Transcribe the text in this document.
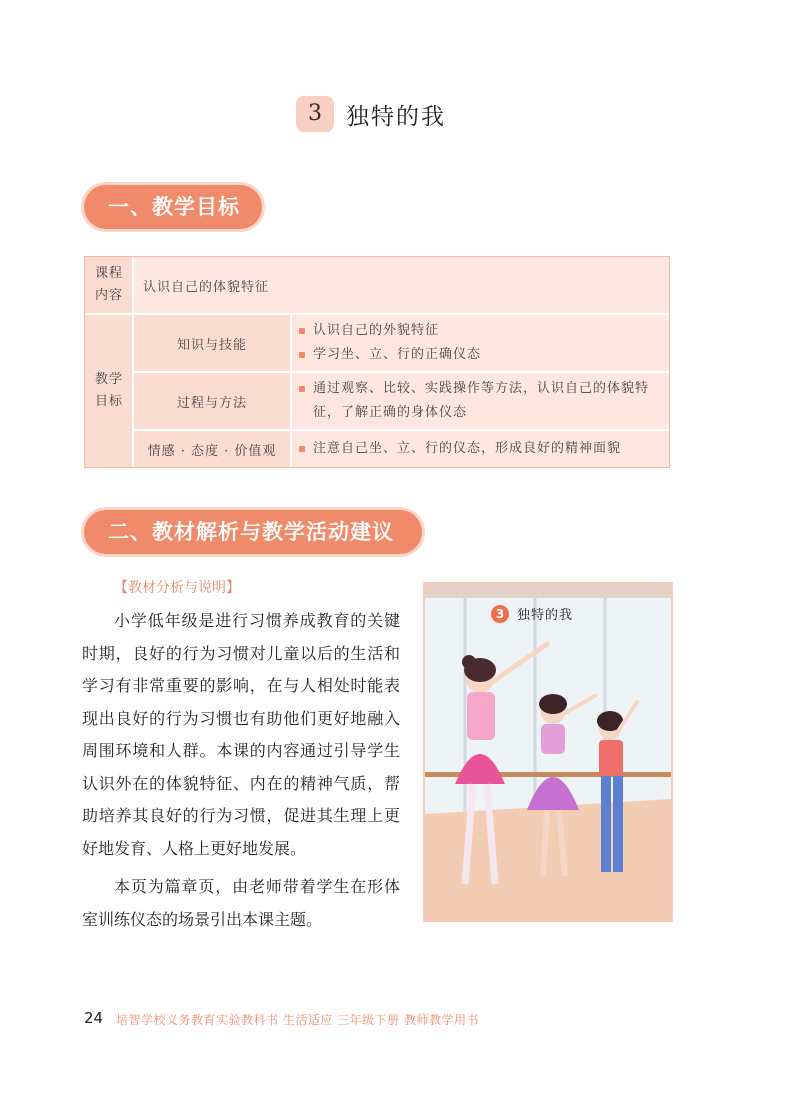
3	独特的我
一、教学目标
课程内容
认识自己的体貌特征
教学目标
知识与技能
认识自己的外貌特征
学习坐、立、行的正确仪态
过程与方法
通过观察、比较、实践操作等方法，认识自己的体貌特征，了解正确的身体仪态
情感 · 态度 · 价值观	注意自己坐、立、行的仪态，形成良好的精神面貌
二、教材解析与教学活动建议
【教材分析与说明】

小学低年级是进行习惯养成教育的关键时期，良好的行为习惯对儿童以后的生活和学习有非常重要的影响，在与人相处时能表现出良好的行为习惯也有助他们更好地融入周围环境和人群。本课的内容通过引导学生认识外在的体貌特征、内在的精神气质，帮助培养其良好的行为习惯，促进其生理上更好地发育、人格上更好地发展。

本页为篇章页，由老师带着学生在形体室训练仪态的场景引出本课主题。

3 独特的我
24 培智学校义务教育实验教科书 生活适应 三年级下册 教师教学用书
